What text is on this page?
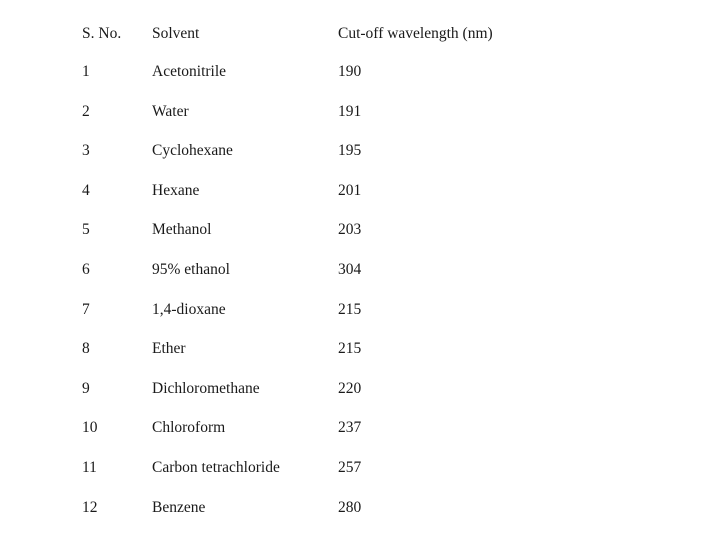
S. No.	Solvent	Cut-off wavelength (nm)
1	Acetonitrile	190
2	Water	191
3	Cyclohexane	195
4	Hexane	201
5	Methanol	203
6	95% ethanol	304
7	1,4-dioxane	215
8	Ether	215
9	Dichloromethane	220
10	Chloroform	237
11	Carbon tetrachloride	257
12	Benzene	280
